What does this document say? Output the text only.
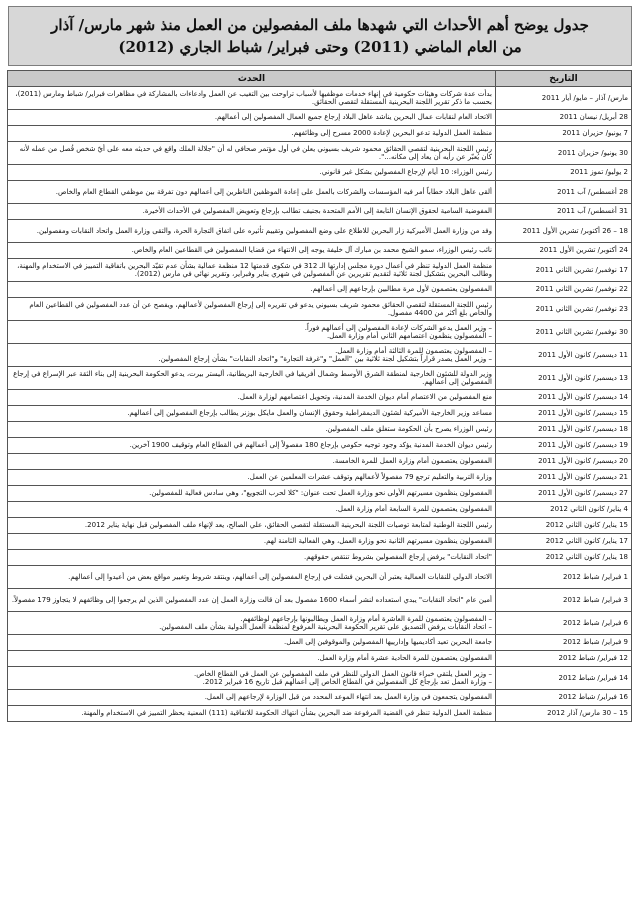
جدول يوضح أهم الأحداث التي شهدها ملف المفصولين من العمل منذ شهر مارس/ آذار
من العام الماضي (2011) وحتى فبراير/ شباط الجاري (2012)
التاريخ	الحدث
مارس/ آذار – مايو/ أيار 2011	بدأت عدة شركات وهيئات حكومية في إنهاء خدمات موظفيها لأسباب تراوحت بين التغيب عن العمل وادعاءات بالمشاركة في مظاهرات فبراير/ شباط ومارس (2011)، بحسب ما ذكر تقرير اللجنة البحرينية المستقلة لتقصي الحقائق.
28 أبريل/ نيسان 2011	الاتحاد العام لنقابات عمال البحرين يناشد عاهل البلاد إرجاع جميع العمال المفصولين إلى أعمالهم.
7 يونيو/ حزيران 2011	منظمة العمل الدولية تدعو البحرين لإعادة 2000 مسرح إلى وظائفهم.
30 يونيو/ حزيران 2011	رئيس اللجنة البحرينية لتقصي الحقائق محمود شريف بسيوني يعلن في أول مؤتمر صحافي له أن "جلالة الملك واقع في حديثه معه على أيّ شخص فُصل من عمله لأنه كان يُعبّر عن رأيه أن يعاد إلى مكانه...".
2 يوليو/ تموز 2011	رئيس الوزراء: 10 أيام لإرجاع المفصولين بشكل غير قانوني.
28 أغسطس/ آب 2011	ألقى عاهل البلاد خطاباً أمر فيه المؤسسات والشركات بالعمل على إعادة الموظفين الناظرين إلى أعمالهم دون تفرقة بين موظفي القطاع العام والخاص.
31 أغسطس/ آب 2011	المفوضية السامية لحقوق الإنسان التابعة إلى الأمم المتحدة بجنيف تطالب بإرجاع وتعويض المفصولين في الأحداث الأخيرة.
18 – 26 أكتوبر/ تشرين الأول 2011	وفد من وزارة العمل الأميركية زار البحرين للاطلاع على وضع المفصولين وتقييم تأثيره على اتفاق التجارة الحرة، والتقى وزارة العمل واتحاد النقابات ومفصولين.
24 أكتوبر/ تشرين الأول 2011	نائب رئيس الوزراء، سمو الشيخ محمد بن مبارك آل خليفة يوجه إلى الانتهاء من قضايا المفصولين في القطاعين العام والخاص.
17 نوفمبر/ تشرين الثاني 2011	منظمة العمل الدولية تنظر في أعمال دورة مجلس إدارتها الـ 312 في شكوى قدمتها 12 منظمة عمالية بشأن عدم تقيّد البحرين باتفاقية التمييز في الاستخدام والمهنة، وطالب البحرين بتشكيل لجنة ثلاثية لتقديم تقريرين عن المفصولين في شهري يناير وفبراير، وتقرير نهائي في مارس (2012).
22 نوفمبر/ تشرين الثاني 2011	المفصولون يعتصمون لأول مرة مطالبين بإرجاعهم إلى أعمالهم.
23 نوفمبر/ تشرين الثاني 2011	رئيس اللجنة المستقلة لتقصي الحقائق محمود شريف بسيوني يدعو في تقريره إلى إرجاع المفصولين لأعمالهم، ويفصح عن أن عدد المفصولين في القطاعين العام والخاص بلغ أكثر من 4400 مفصول.
30 نوفمبر/ تشرين الثاني 2011	– وزير العمل يدعو الشركات لإعادة المفصولين إلى أعمالهم فوراً.
– المفصولون ينظمون اعتصامهم الثاني أمام وزارة العمل.
11 ديسمبر/ كانون الأول 2011	– المفصولون يعتصمون للمرة الثالثة أمام وزارة العمل.
– وزير العمل يصدر قراراً بتشكيل لجنة ثلاثية بين "العمل" و"غرفة التجارة" و"اتحاد النقابات" بشأن إرجاع المفصولين.
13 ديسمبر/ كانون الأول 2011	وزير الدولة للشئون الخارجية لمنطقة الشرق الأوسط وشمال أفريقيا في الخارجية البريطانية، أليستر بيرت، يدعو الحكومة البحرينية إلى بناء الثقة عبر الإسراع في إرجاع المفصولين إلى أعمالهم.
14 ديسمبر/ كانون الأول 2011	منع المفصولين من الاعتصام أمام ديوان الخدمة المدنية، وتحويل اعتصامهم لوزارة العمل.
15 ديسمبر/ كانون الأول 2011	مساعد وزير الخارجية الأميركية لشئون الديمقراطية وحقوق الإنسان والعمل مايكل بوزنر يطالب بإرجاع المفصولين إلى أعمالهم.
18 ديسمبر/ كانون الأول 2011	رئيس الوزراء يصرح بأن الحكومة ستغلق ملف المفصولين.
19 ديسمبر/ كانون الأول 2011	رئيس ديوان الخدمة المدنية يؤكد وجود توجيه حكومي بإرجاع 180 مفصولاً إلى أعمالهم في القطاع العام وتوقيف 1900 آخرين.
20 ديسمبر/ كانون الأول 2011	المفصولون يعتصمون أمام وزارة العمل للمرة الخامسة.
21 ديسمبر/ كانون الأول 2011	وزارة التربية والتعليم ترجع 79 مفصولاً لأعمالهم وتوقف عشرات المعلمين عن العمل.
27 ديسمبر/ كانون الأول 2011	المفصولون ينظمون مسيرتهم الأولى نحو وزارة العمل تحت عنوان: "كلا لحرب التجويع"، وهي سادس فعالية للمفصولين.
4 يناير/ كانون الثاني 2012	المفصولون يعتصمون للمرة السابعة أمام وزارة العمل.
15 يناير/ كانون الثاني 2012	رئيس اللجنة الوطنية لمتابعة توصيات اللجنة البحرينية المستقلة لتقصي الحقائق، علي الصالح، يعد لإنهاء ملف المفصولين قبل نهاية يناير 2012.
17 يناير/ كانون الثاني 2012	المفصولون ينظمون مسيرتهم الثانية نحو وزارة العمل، وهي الفعالية الثامنة لهم.
18 يناير/ كانون الثاني 2012	"اتحاد النقابات" يرفض إرجاع المفصولين بشروط تنتقص حقوقهم.
1 فبراير/ شباط 2012	الاتحاد الدولي للنقابات العمالية يعتبر أن البحرين فشلت في إرجاع المفصولين إلى أعمالهم، وينتقد شروط وتغيير مواقع بعض من أعيدوا إلى أعمالهم.
3 فبراير/ شباط 2012	أمين عام "اتحاد النقابات" يبدي استعداده لنشر أسماء 1600 مفصول بعد أن قالت وزارة العمل إن عدد المفصولين الذين لم يرجعوا إلى وظائفهم لا يتجاوز 179 مفصولاً.
6 فبراير/ شباط 2012	– المفصولون يعتصمون للمرة العاشرة أمام وزارة العمل ويطالبونها بإرجاعهم لوظائفهم.
– اتحاد النقابات يرفض التصديق على تقرير الحكومة البحرينية المرفوع لمنظمة العمل الدولية بشأن ملف المفصولين.
9 فبراير/ شباط 2012	جامعة البحرين تعيد أكاديميها وإدارييها المفصولين والموقوفين إلى العمل.
12 فبراير/ شباط 2012	المفصولون يعتصمون للمرة الحادية عشرة أمام وزارة العمل.
14 فبراير/ شباط 2012	– وزير العمل يلتقي خبراء قانون العمل الدولي للنظر في ملف المفصولين عن العمل في القطاع الخاص.
– وزارة العمل تعد بإرجاع كل المفصولين في القطاع الخاص إلى أعمالهم قبل تاريخ 16 فبراير 2012.
16 فبراير/ شباط 2012	المفصولون يتجمعون في وزارة العمل بعد انتهاء الموعد المحدد من قبل الوزارة لإرجاعهم إلى العمل.
15 – 30 مارس/ آذار 2012	منظمة العمل الدولية تنظر في القضية المرفوعة ضد البحرين بشأن انتهاك الحكومة للاتفاقية (111) المعنية بحظر التمييز في الاستخدام والمهنة.
